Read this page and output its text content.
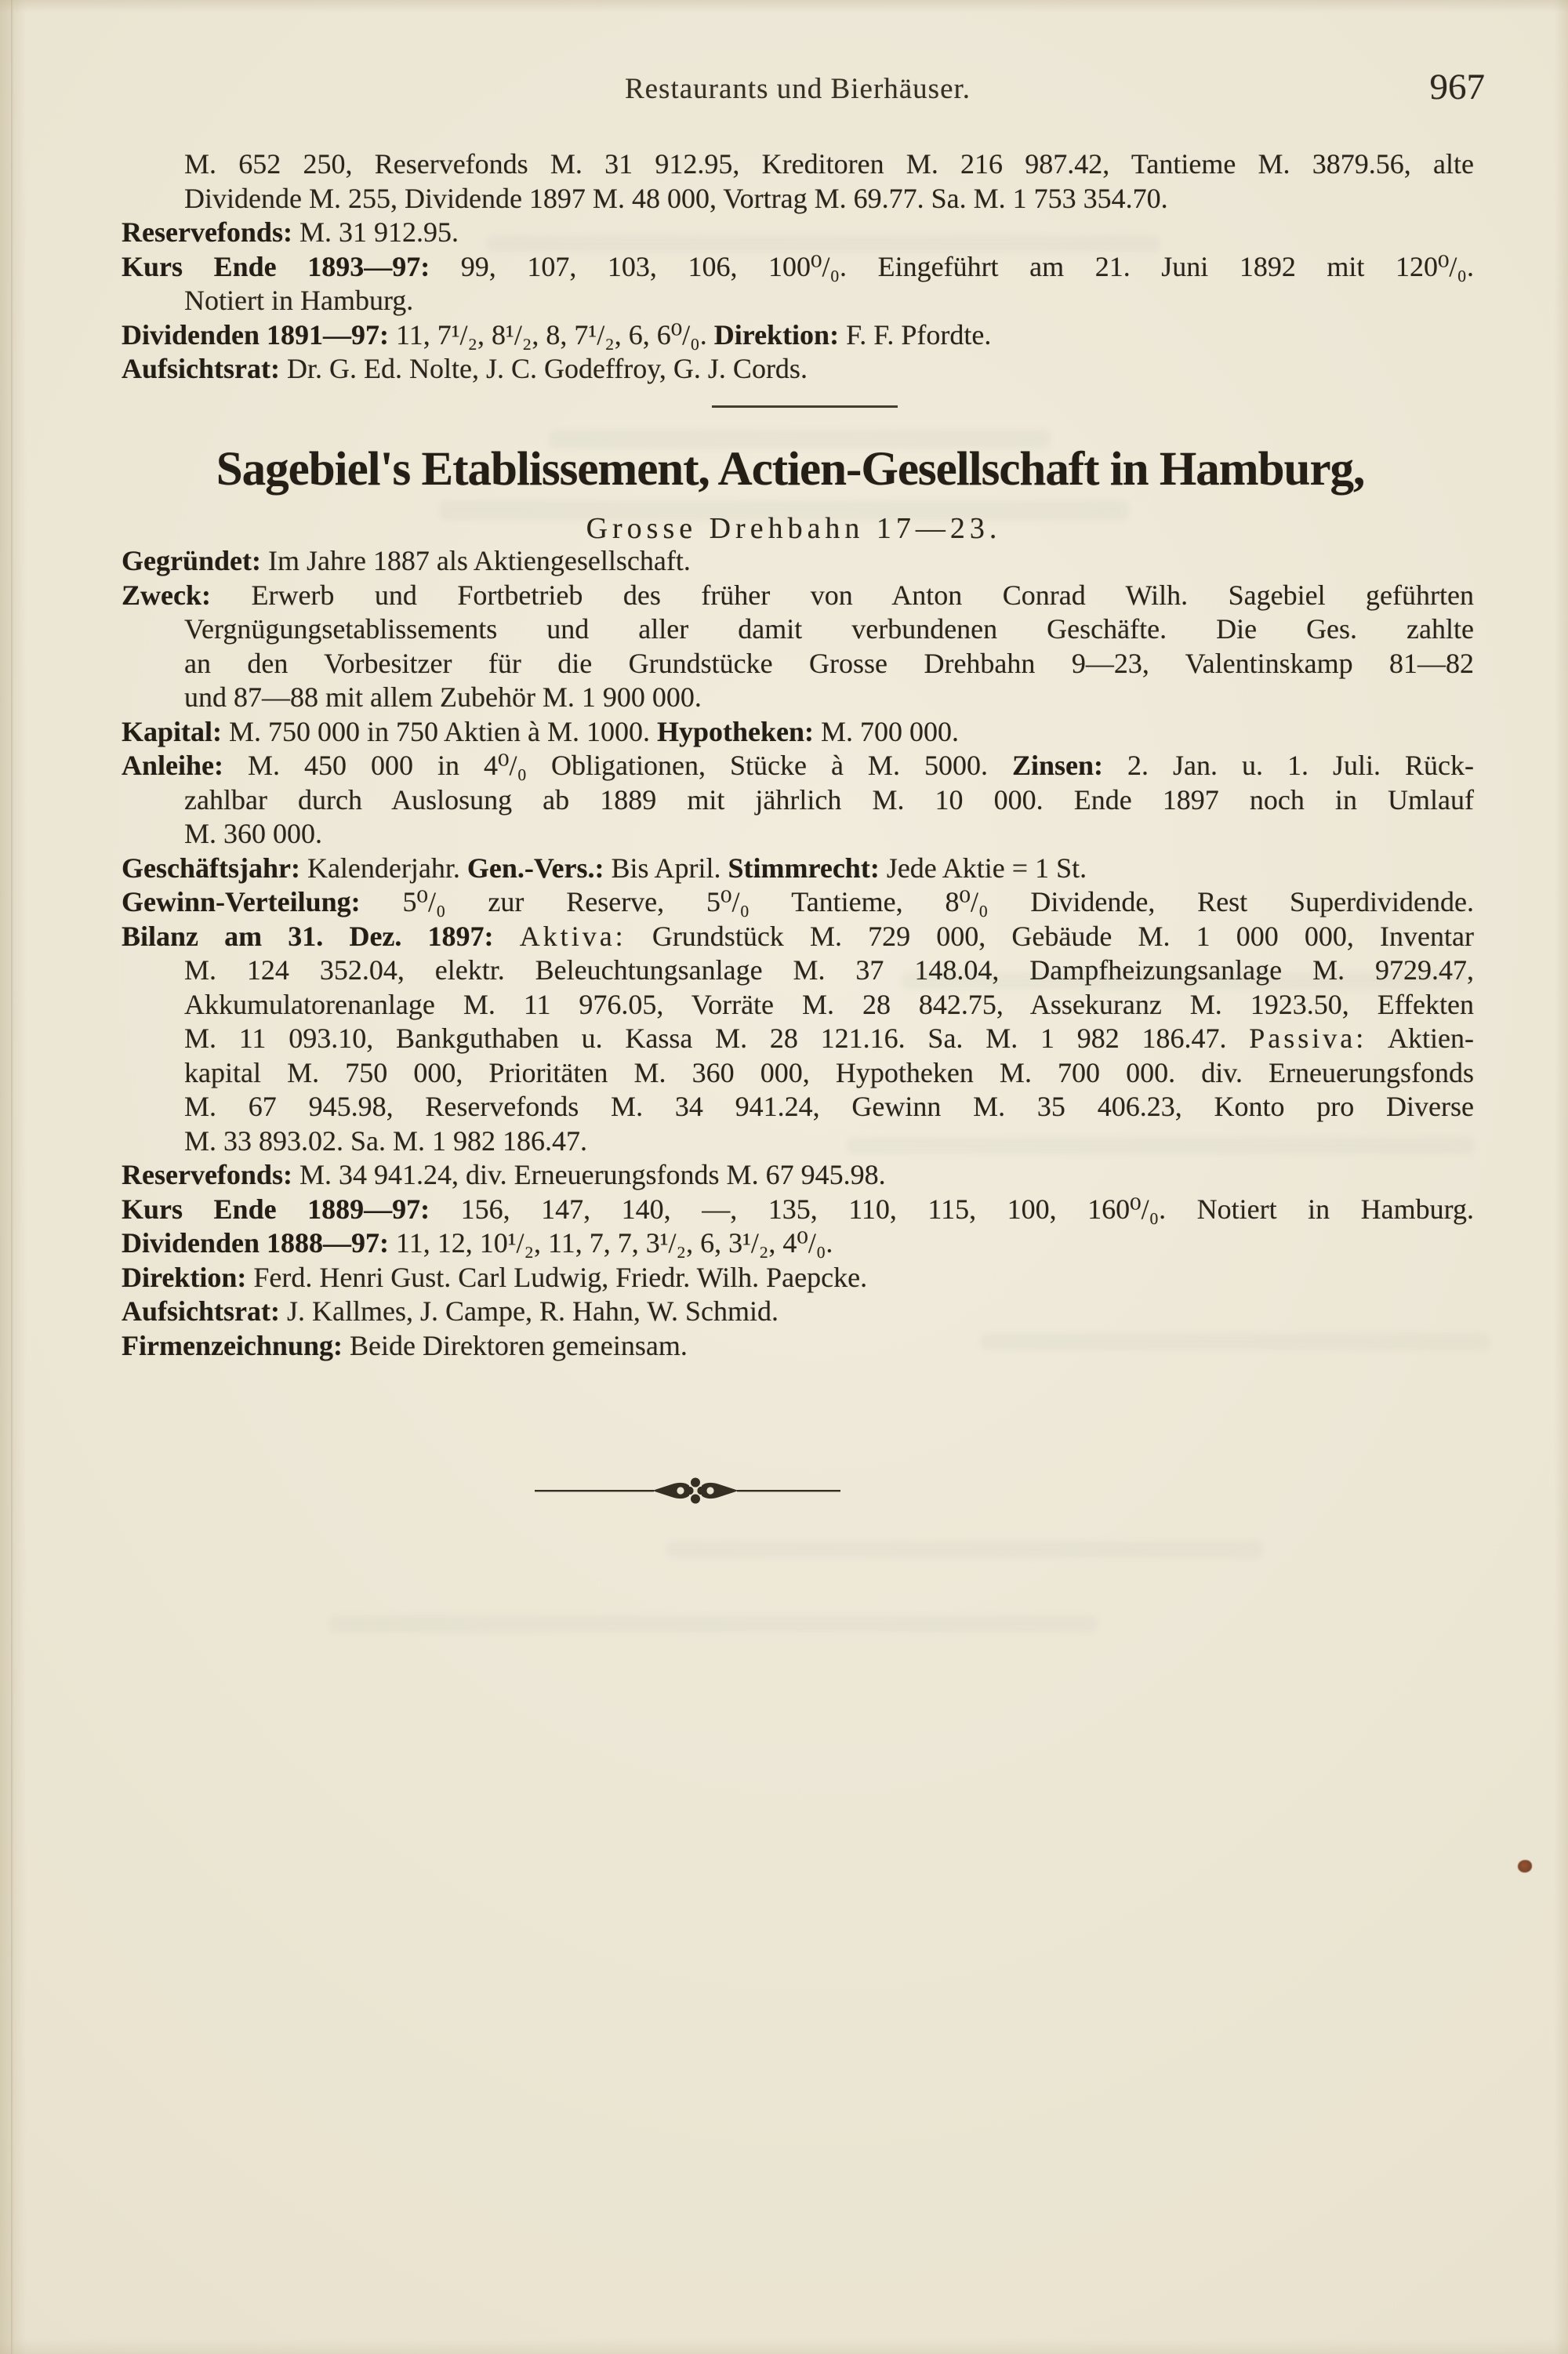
Restaurants und Bierhäuser.	967
M. 652 250, Reservefonds M. 31 912.95, Kreditoren M. 216 987.42, Tantieme M. 3879.56, alte
Dividende M. 255, Dividende 1897 M. 48 000, Vortrag M. 69.77. Sa. M. 1 753 354.70.
Reservefonds: M. 31 912.95.
Kurs Ende 1893—97: 99, 107, 103, 106, 100⁰/₀. Eingeführt am 21. Juni 1892 mit 120⁰/₀.
Notiert in Hamburg.
Dividenden 1891—97: 11, 7¹/₂, 8¹/₂, 8, 7¹/₂, 6, 6⁰/₀. Direktion: F. F. Pfordte.
Aufsichtsrat: Dr. G. Ed. Nolte, J. C. Godeffroy, G. J. Cords.
Sagebiel's Etablissement, Actien-Gesellschaft in Hamburg,
Grosse Drehbahn 17—23.
Gegründet: Im Jahre 1887 als Aktiengesellschaft.
Zweck: Erwerb und Fortbetrieb des früher von Anton Conrad Wilh. Sagebiel geführten
Vergnügungsetablissements und aller damit verbundenen Geschäfte. Die Ges. zahlte
an den Vorbesitzer für die Grundstücke Grosse Drehbahn 9—23, Valentinskamp 81—82
und 87—88 mit allem Zubehör M. 1 900 000.
Kapital: M. 750 000 in 750 Aktien à M. 1000. Hypotheken: M. 700 000.
Anleihe: M. 450 000 in 4⁰/₀ Obligationen, Stücke à M. 5000. Zinsen: 2. Jan. u. 1. Juli. Rück-
zahlbar durch Auslosung ab 1889 mit jährlich M. 10 000. Ende 1897 noch in Umlauf
M. 360 000.
Geschäftsjahr: Kalenderjahr. Gen.-Vers.: Bis April. Stimmrecht: Jede Aktie = 1 St.
Gewinn-Verteilung: 5⁰/₀ zur Reserve, 5⁰/₀ Tantieme, 8⁰/₀ Dividende, Rest Superdividende.
Bilanz am 31. Dez. 1897: Aktiva: Grundstück M. 729 000, Gebäude M. 1 000 000, Inventar
M. 124 352.04, elektr. Beleuchtungsanlage M. 37 148.04, Dampfheizungsanlage M. 9729.47,
Akkumulatorenanlage M. 11 976.05, Vorräte M. 28 842.75, Assekuranz M. 1923.50, Effekten
M. 11 093.10, Bankguthaben u. Kassa M. 28 121.16. Sa. M. 1 982 186.47. Passiva: Aktien-
kapital M. 750 000, Prioritäten M. 360 000, Hypotheken M. 700 000. div. Erneuerungsfonds
M. 67 945.98, Reservefonds M. 34 941.24, Gewinn M. 35 406.23, Konto pro Diverse
M. 33 893.02. Sa. M. 1 982 186.47.
Reservefonds: M. 34 941.24, div. Erneuerungsfonds M. 67 945.98.
Kurs Ende 1889—97: 156, 147, 140, —, 135, 110, 115, 100, 160⁰/₀. Notiert in Hamburg.
Dividenden 1888—97: 11, 12, 10¹/₂, 11, 7, 7, 3¹/₂, 6, 3¹/₂, 4⁰/₀.
Direktion: Ferd. Henri Gust. Carl Ludwig, Friedr. Wilh. Paepcke.
Aufsichtsrat: J. Kallmes, J. Campe, R. Hahn, W. Schmid.
Firmenzeichnung: Beide Direktoren gemeinsam.
